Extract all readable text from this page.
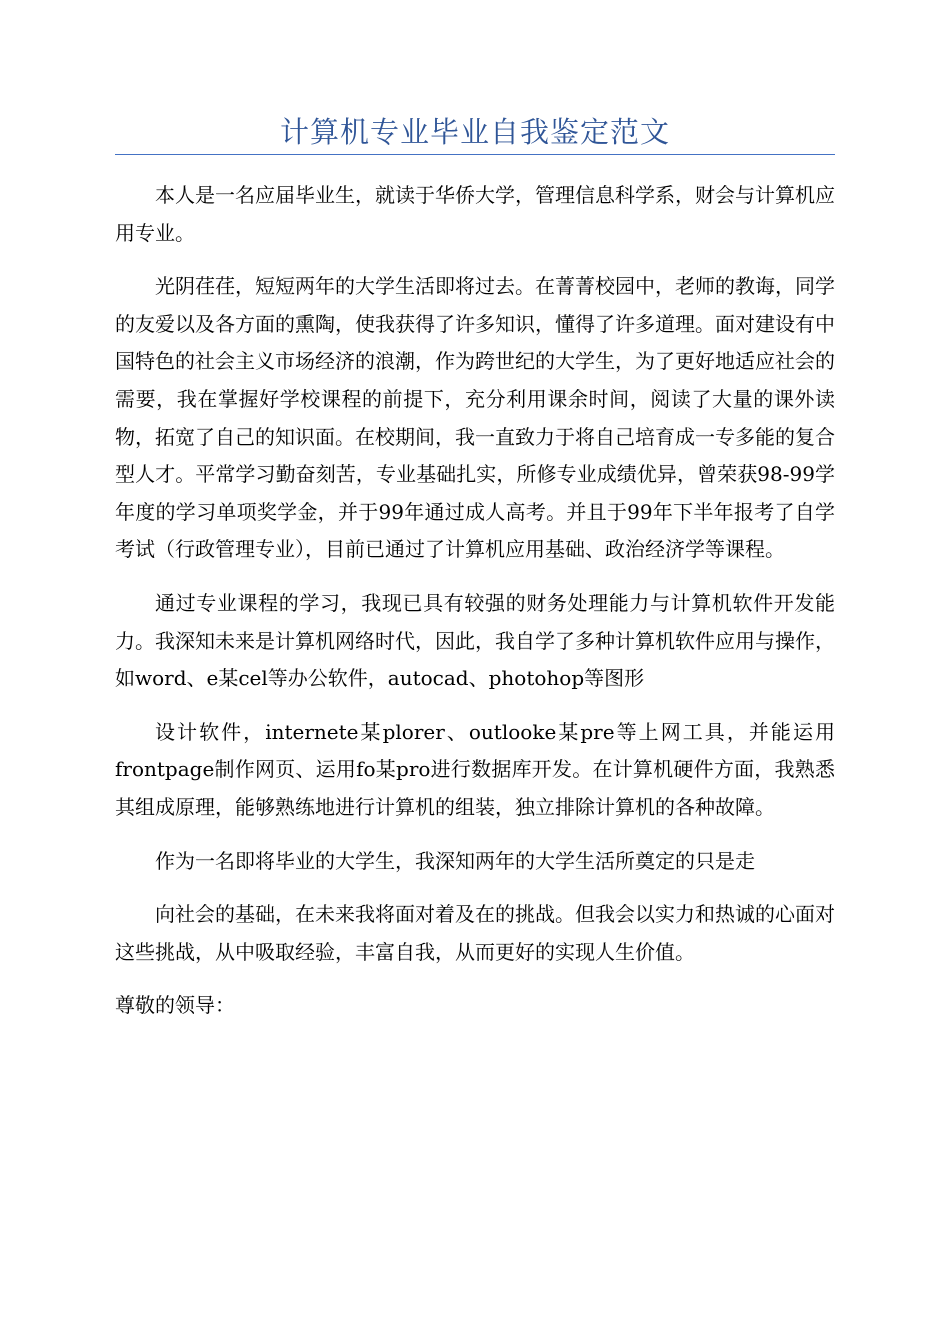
计算机专业毕业自我鉴定范文

本人是一名应届毕业生，就读于华侨大学，管理信息科学系，财会与计算机应用专业。

光阴荏荏，短短两年的大学生活即将过去。在菁菁校园中，老师的教诲，同学的友爱以及各方面的熏陶，使我获得了许多知识，懂得了许多道理。面对建设有中国特色的社会主义市场经济的浪潮，作为跨世纪的大学生，为了更好地适应社会的需要，我在掌握好学校课程的前提下，充分利用课余时间，阅读了大量的课外读物，拓宽了自己的知识面。在校期间，我一直致力于将自己培育成一专多能的复合型人才。平常学习勤奋刻苦，专业基础扎实，所修专业成绩优异，曾荣获98-99学年度的学习单项奖学金，并于99年通过成人高考。并且于99年下半年报考了自学考试（行政管理专业），目前已通过了计算机应用基础、政治经济学等课程。

通过专业课程的学习，我现已具有较强的财务处理能力与计算机软件开发能力。我深知未来是计算机网络时代，因此，我自学了多种计算机软件应用与操作，如word、e某cel等办公软件，autocad、photohop等图形

设计软件，internete某plorer、outlooke某pre等上网工具，并能运用frontpage制作网页、运用fo某pro进行数据库开发。在计算机硬件方面，我熟悉其组成原理，能够熟练地进行计算机的组装，独立排除计算机的各种故障。

作为一名即将毕业的大学生，我深知两年的大学生活所奠定的只是走

向社会的基础，在未来我将面对着及在的挑战。但我会以实力和热诚的心面对这些挑战，从中吸取经验，丰富自我，从而更好的实现人生价值。

尊敬的领导：
